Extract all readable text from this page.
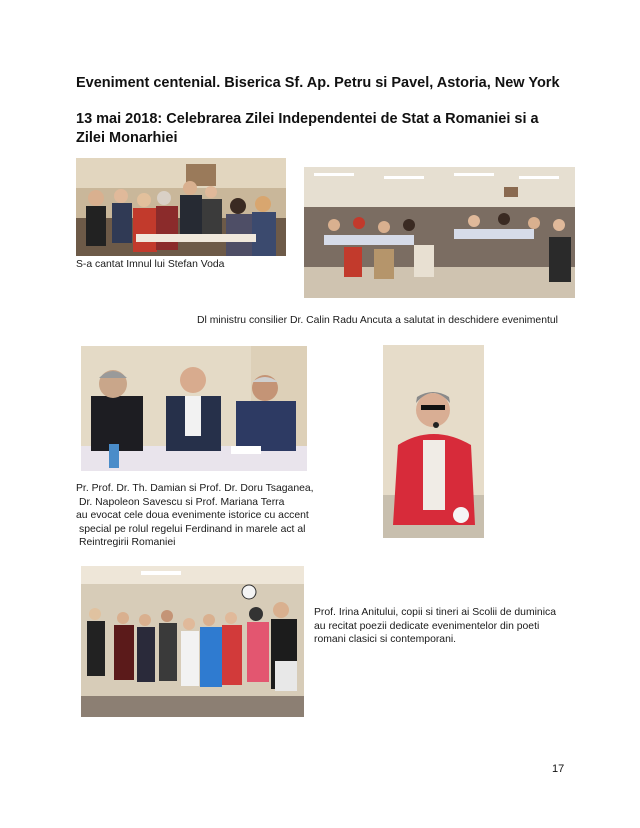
Eveniment centenial. Biserica Sf. Ap. Petru si Pavel, Astoria, New York
13 mai 2018: Celebrarea Zilei Independentei de Stat a Romaniei si a Zilei Monarhiei
S-a cantat Imnul lui Stefan Voda
Dl ministru consilier Dr. Calin Radu Ancuta a salutat in deschidere evenimentul
Pr. Prof. Dr. Th. Damian si Prof. Dr. Doru Tsaganea,
Dr. Napoleon Savescu si Prof. Mariana Terra
au evocat cele doua evenimente istorice cu accent
special pe rolul regelui Ferdinand in marele act al
Reintregirii Romaniei
Prof. Irina Anitului, copii si tineri ai Scolii de duminica
au recitat poezii dedicate evenimentelor din poeti
romani clasici si contemporani.
17
